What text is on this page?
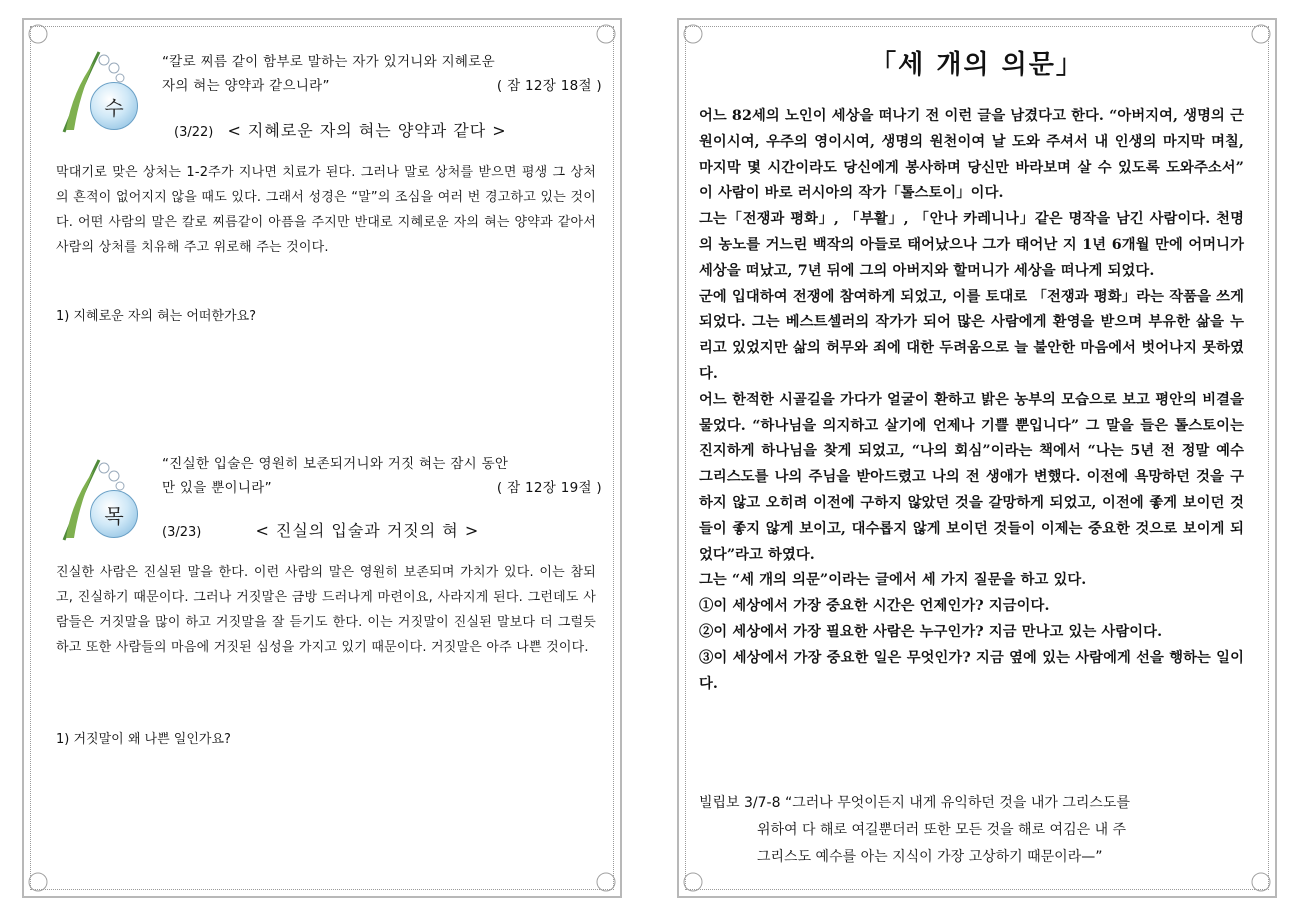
수
“칼로 찌름 같이 함부로 말하는 자가 있거니와 지혜로운
자의 혀는 양약과 같으니라”	( 잠 12장 18절 )
(3/22) < 지혜로운 자의 혀는 양약과 같다 >
막대기로 맞은 상처는 1-2주가 지나면 치료가 된다. 그러나 말로 상처를 받으면 평생 그 상처의 흔적이 없어지지 않을 때도 있다. 그래서 성경은 “말”의 조심을 여러 번 경고하고 있는 것이다. 어떤 사람의 말은 칼로 찌름같이 아픔을 주지만 반대로 지혜로운 자의 혀는 양약과 같아서 사람의 상처를 치유해 주고 위로해 주는 것이다.
1) 지혜로운 자의 혀는 어떠한가요?
목
“진실한 입술은 영원히 보존되거니와 거짓 혀는 잠시 동안
만 있을 뿐이니라”	( 잠 12장 19절 )
(3/23)	< 진실의 입술과 거짓의 혀 >
진실한 사람은 진실된 말을 한다. 이런 사람의 말은 영원히 보존되며 가치가 있다. 이는 참되고, 진실하기 때문이다. 그러나 거짓말은 금방 드러나게 마련이요, 사라지게 된다. 그런데도 사람들은 거짓말을 많이 하고 거짓말을 잘 듣기도 한다. 이는 거짓말이 진실된 말보다 더 그럴듯하고 또한 사람들의 마음에 거짓된 심성을 가지고 있기 때문이다. 거짓말은 아주 나쁜 것이다.
1) 거짓말이 왜 나쁜 일인가요?
「세 개의 의문」

어느 82세의 노인이 세상을 떠나기 전 이런 글을 남겼다고 한다. “아버지여, 생명의 근원이시여, 우주의 영이시여, 생명의 원천이여 날 도와 주셔서 내 인생의 마지막 며칠, 마지막 몇 시간이라도 당신에게 봉사하며 당신만 바라보며 살 수 있도록 도와주소서” 이 사람이 바로 러시아의 작가「톨스토이」이다.

그는「전쟁과 평화」, 「부활」, 「안나 카레니나」같은 명작을 남긴 사람이다. 천명의 농노를 거느린 백작의 아들로 태어났으나 그가 태어난 지 1년 6개월 만에 어머니가 세상을 떠났고, 7년 뒤에 그의 아버지와 할머니가 세상을 떠나게 되었다.

군에 입대하여 전쟁에 참여하게 되었고, 이를 토대로 「전쟁과 평화」라는 작품을 쓰게 되었다. 그는 베스트셀러의 작가가 되어 많은 사람에게 환영을 받으며 부유한 삶을 누리고 있었지만 삶의 허무와 죄에 대한 두려움으로 늘 불안한 마음에서 벗어나지 못하였다.

어느 한적한 시골길을 가다가 얼굴이 환하고 밝은 농부의 모습으로 보고 평안의 비결을 물었다. “하나님을 의지하고 살기에 언제나 기쁠 뿐입니다” 그 말을 들은 톨스토이는 진지하게 하나님을 찾게 되었고, “나의 회심”이라는 책에서 “나는 5년 전 정말 예수 그리스도를 나의 주님을 받아드렸고 나의 전 생애가 변했다. 이전에 욕망하던 것을 구하지 않고 오히려 이전에 구하지 않았던 것을 갈망하게 되었고, 이전에 좋게 보이던 것들이 좋지 않게 보이고, 대수롭지 않게 보이던 것들이 이제는 중요한 것으로 보이게 되었다”라고 하였다.

그는 “세 개의 의문”이라는 글에서 세 가지 질문을 하고 있다.

①이 세상에서 가장 중요한 시간은 언제인가? 지금이다.

②이 세상에서 가장 필요한 사람은 누구인가? 지금 만나고 있는 사람이다.

③이 세상에서 가장 중요한 일은 무엇인가? 지금 옆에 있는 사람에게 선을 행하는 일이다.

빌립보 3/7-8 “그러나 무엇이든지 내게 유익하던 것을 내가 그리스도를
위하여 다 해로 여길뿐더러 또한 모든 것을 해로 여김은 내 주
그리스도 예수를 아는 지식이 가장 고상하기 때문이라—”
